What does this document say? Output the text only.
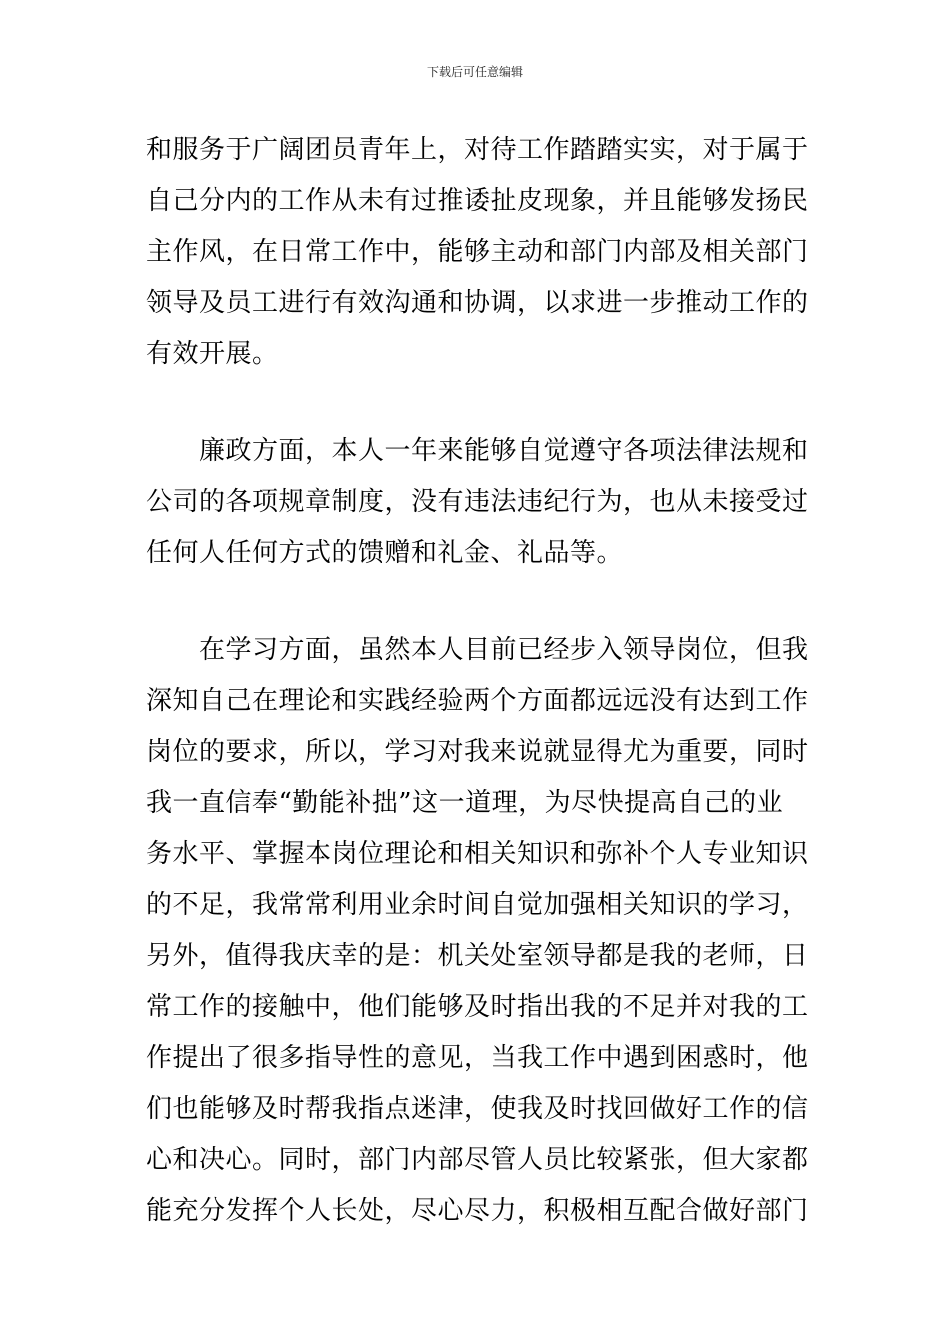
下载后可任意编辑
和服务于广阔团员青年上，对待工作踏踏实实，对于属于
自己分内的工作从未有过推诿扯皮现象，并且能够发扬民
主作风，在日常工作中，能够主动和部门内部及相关部门
领导及员工进行有效沟通和协调，以求进一步推动工作的
有效开展。
廉政方面，本人一年来能够自觉遵守各项法律法规和
公司的各项规章制度，没有违法违纪行为，也从未接受过
任何人任何方式的馈赠和礼金、礼品等。
在学习方面，虽然本人目前已经步入领导岗位，但我
深知自己在理论和实践经验两个方面都远远没有达到工作
岗位的要求，所以，学习对我来说就显得尤为重要，同时
我一直信奉“勤能补拙”这一道理，为尽快提高自己的业
务水平、掌握本岗位理论和相关知识和弥补个人专业知识
的不足，我常常利用业余时间自觉加强相关知识的学习，
另外，值得我庆幸的是：机关处室领导都是我的老师，日
常工作的接触中，他们能够及时指出我的不足并对我的工
作提出了很多指导性的意见，当我工作中遇到困惑时，他
们也能够及时帮我指点迷津，使我及时找回做好工作的信
心和决心。同时，部门内部尽管人员比较紧张，但大家都
能充分发挥个人长处，尽心尽力，积极相互配合做好部门
